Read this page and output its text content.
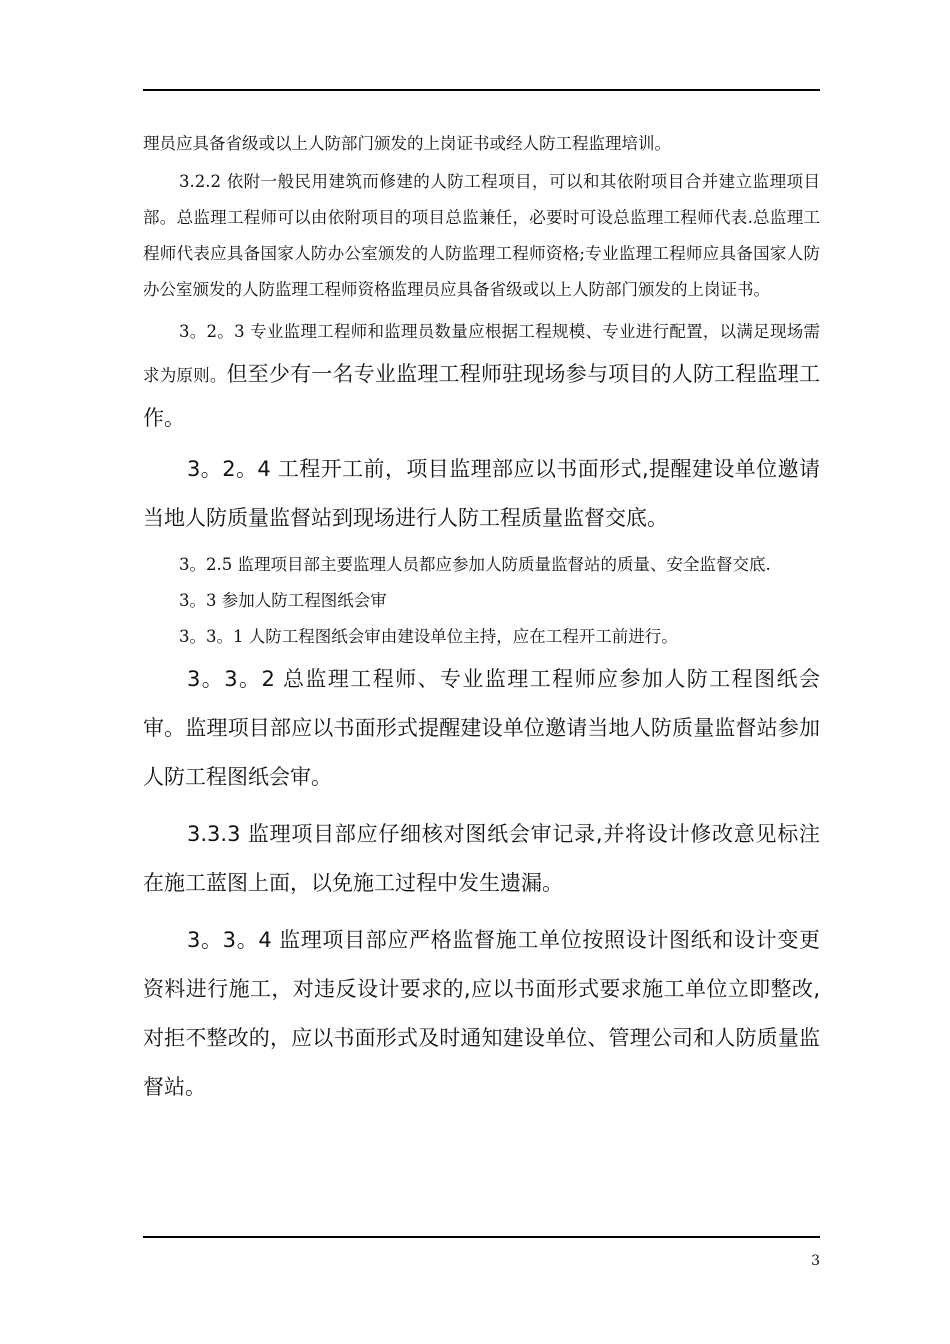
理员应具备省级或以上人防部门颁发的上岗证书或经人防工程监理培训。

3.2.2 依附一般民用建筑而修建的人防工程项目，可以和其依附项目合并建立监理项目部。总监理工程师可以由依附项目的项目总监兼任，必要时可设总监理工程师代表.总监理工程师代表应具备国家人防办公室颁发的人防监理工程师资格;专业监理工程师应具备国家人防办公室颁发的人防监理工程师资格监理员应具备省级或以上人防部门颁发的上岗证书。

3。2。3 专业监理工程师和监理员数量应根据工程规模、专业进行配置，以满足现场需求为原则。但至少有一名专业监理工程师驻现场参与项目的人防工程监理工作。

3。2。4 工程开工前，项目监理部应以书面形式,提醒建设单位邀请当地人防质量监督站到现场进行人防工程质量监督交底。

3。2.5 监理项目部主要监理人员都应参加人防质量监督站的质量、安全监督交底.

3。3 参加人防工程图纸会审

3。3。1 人防工程图纸会审由建设单位主持，应在工程开工前进行。

3。3。2 总监理工程师、专业监理工程师应参加人防工程图纸会审。监理项目部应以书面形式提醒建设单位邀请当地人防质量监督站参加人防工程图纸会审。

3.3.3 监理项目部应仔细核对图纸会审记录,并将设计修改意见标注在施工蓝图上面，以免施工过程中发生遗漏。

3。3。4 监理项目部应严格监督施工单位按照设计图纸和设计变更资料进行施工，对违反设计要求的,应以书面形式要求施工单位立即整改,对拒不整改的，应以书面形式及时通知建设单位、管理公司和人防质量监督站。

3
